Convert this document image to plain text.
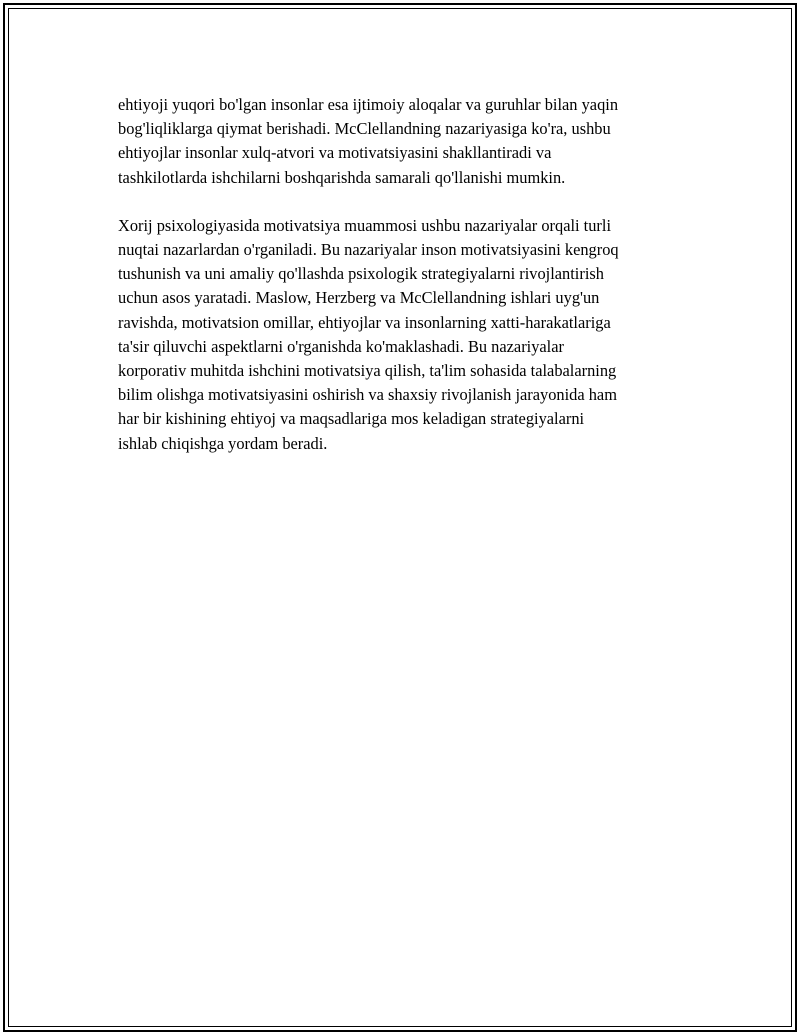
ehtiyoji yuqori bo'lgan insonlar esa ijtimoiy aloqalar va guruhlar bilan yaqin
bog'liqliklarga qiymat berishadi. McClellandning nazariyasiga ko'ra, ushbu
ehtiyojlar insonlar xulq-atvori va motivatsiyasini shakllantiradi va
tashkilotlarda ishchilarni boshqarishda samarali qo'llanishi mumkin.
Xorij psixologiyasida motivatsiya muammosi ushbu nazariyalar orqali turli
nuqtai nazarlardan o'rganiladi. Bu nazariyalar inson motivatsiyasini kengroq
tushunish va uni amaliy qo'llashda psixologik strategiyalarni rivojlantirish
uchun asos yaratadi. Maslow, Herzberg va McClellandning ishlari uyg'un
ravishda, motivatsion omillar, ehtiyojlar va insonlarning xatti-harakatlariga
ta'sir qiluvchi aspektlarni o'rganishda ko'maklashadi. Bu nazariyalar
korporativ muhitda ishchini motivatsiya qilish, ta'lim sohasida talabalarning
bilim olishga motivatsiyasini oshirish va shaxsiy rivojlanish jarayonida ham
har bir kishining ehtiyoj va maqsadlariga mos keladigan strategiyalarni
ishlab chiqishga yordam beradi.
